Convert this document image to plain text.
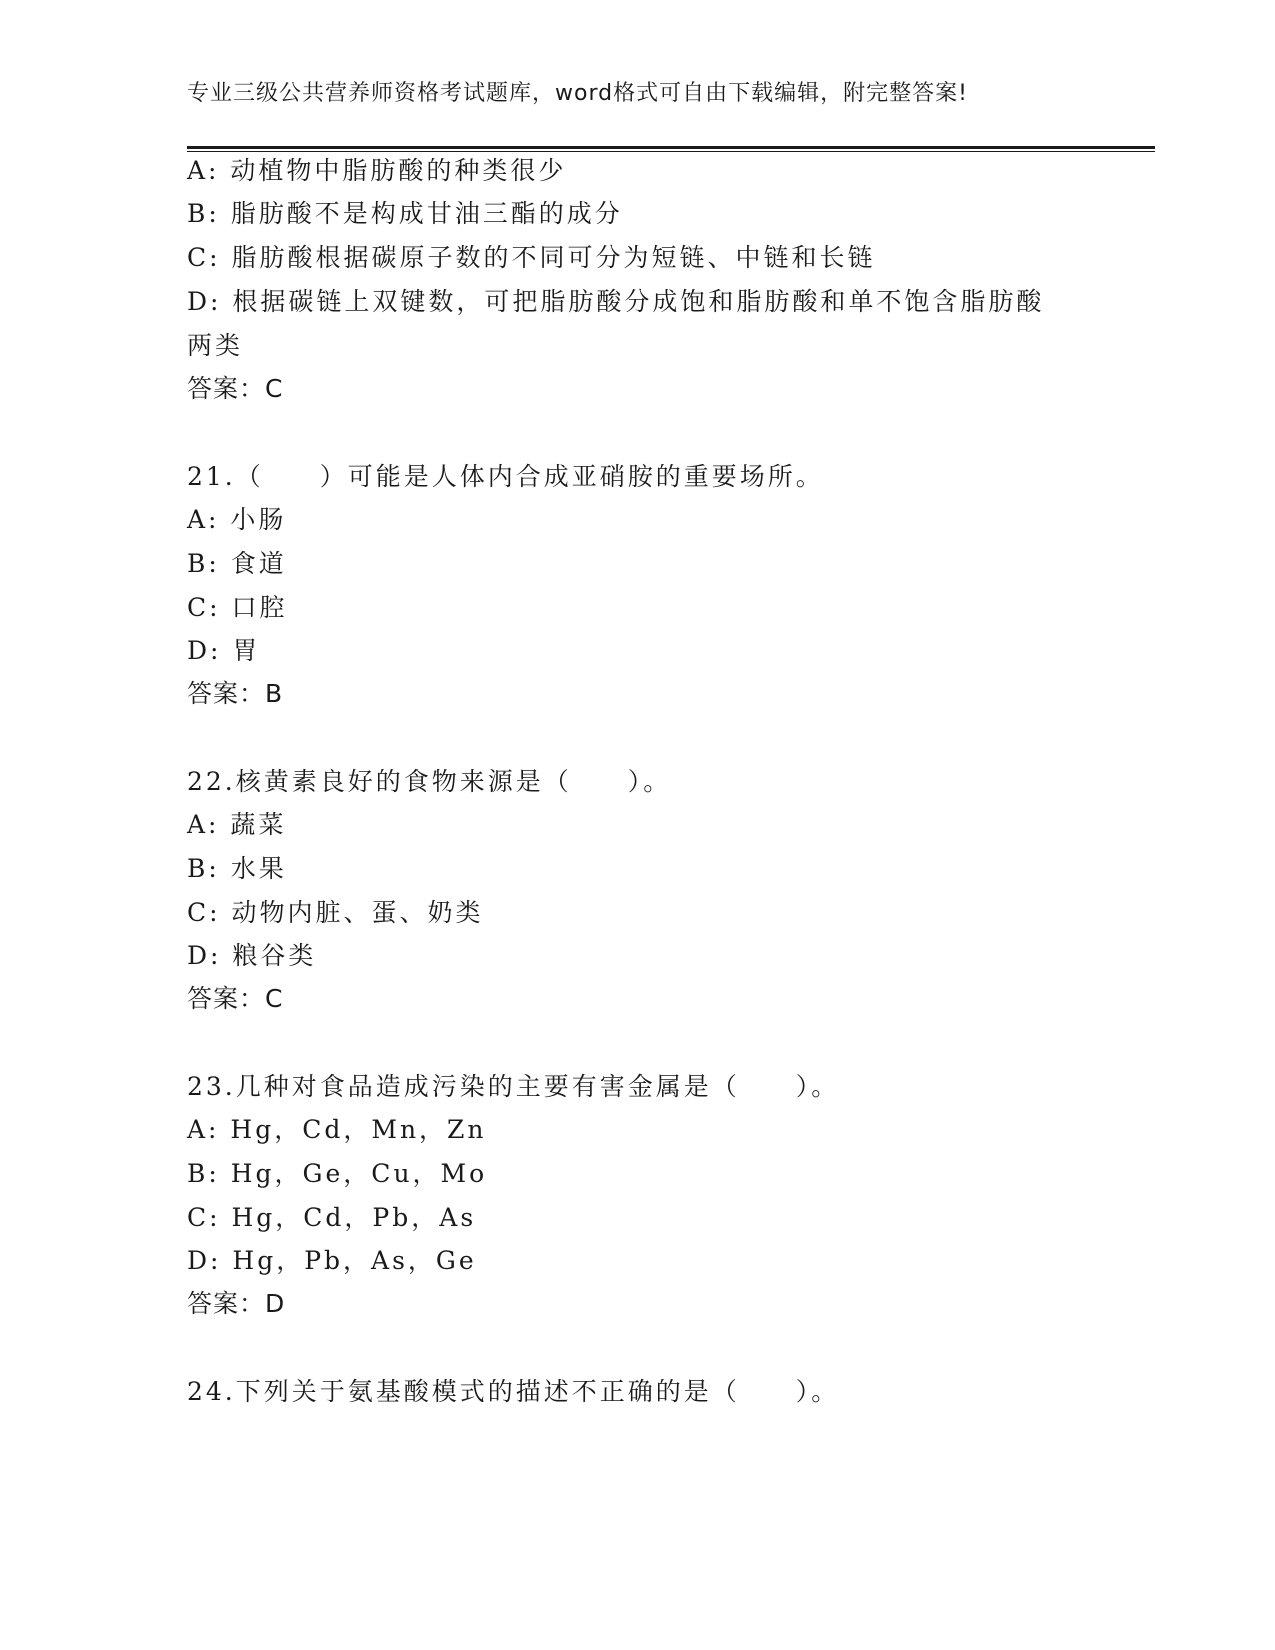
专业三级公共营养师资格考试题库，word格式可自由下载编辑，附完整答案!
A: 动植物中脂肪酸的种类很少
B: 脂肪酸不是构成甘油三酯的成分
C: 脂肪酸根据碳原子数的不同可分为短链、中链和长链
D: 根据碳链上双键数，可把脂肪酸分成饱和脂肪酸和单不饱含脂肪酸
两类
答案：C
21.（　　）可能是人体内合成亚硝胺的重要场所。
A: 小肠
B: 食道
C: 口腔
D: 胃
答案：B
22.核黄素良好的食物来源是（　　）。
A: 蔬菜
B: 水果
C: 动物内脏、蛋、奶类
D: 粮谷类
答案：C
23.几种对食品造成污染的主要有害金属是（　　）。
A: Hg，Cd，Mn，Zn
B: Hg，Ge，Cu，Mo
C: Hg，Cd，Pb，As
D: Hg，Pb，As，Ge
答案：D
24.下列关于氨基酸模式的描述不正确的是（　　）。
